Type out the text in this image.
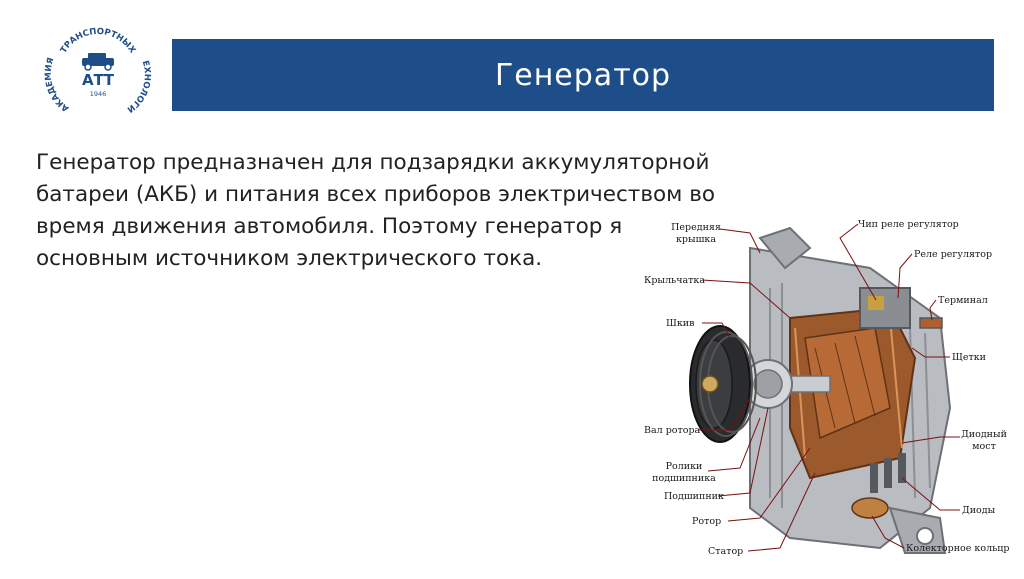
ТРАНСПОРТНЫХ
АКАДЕМИЯ	ЕХНОЛОГИ
АТТ
1946
Генератор
Генератор предназначен для подзарядки аккумуляторной
батареи (АКБ) и питания всех приборов электричеством во
время движения автомобиля. Поэтому генератор я
основным источником электрического тока.
Передняя
крышка
Крыльчатка
Шкив
Вал ротора
Ролики
подшипника
Подшипник
Ротор
Статор
Чип реле регулятор
Реле регулятор
Терминал
Щетки
Диодный
мост
Диоды
Колекторное кольцр
